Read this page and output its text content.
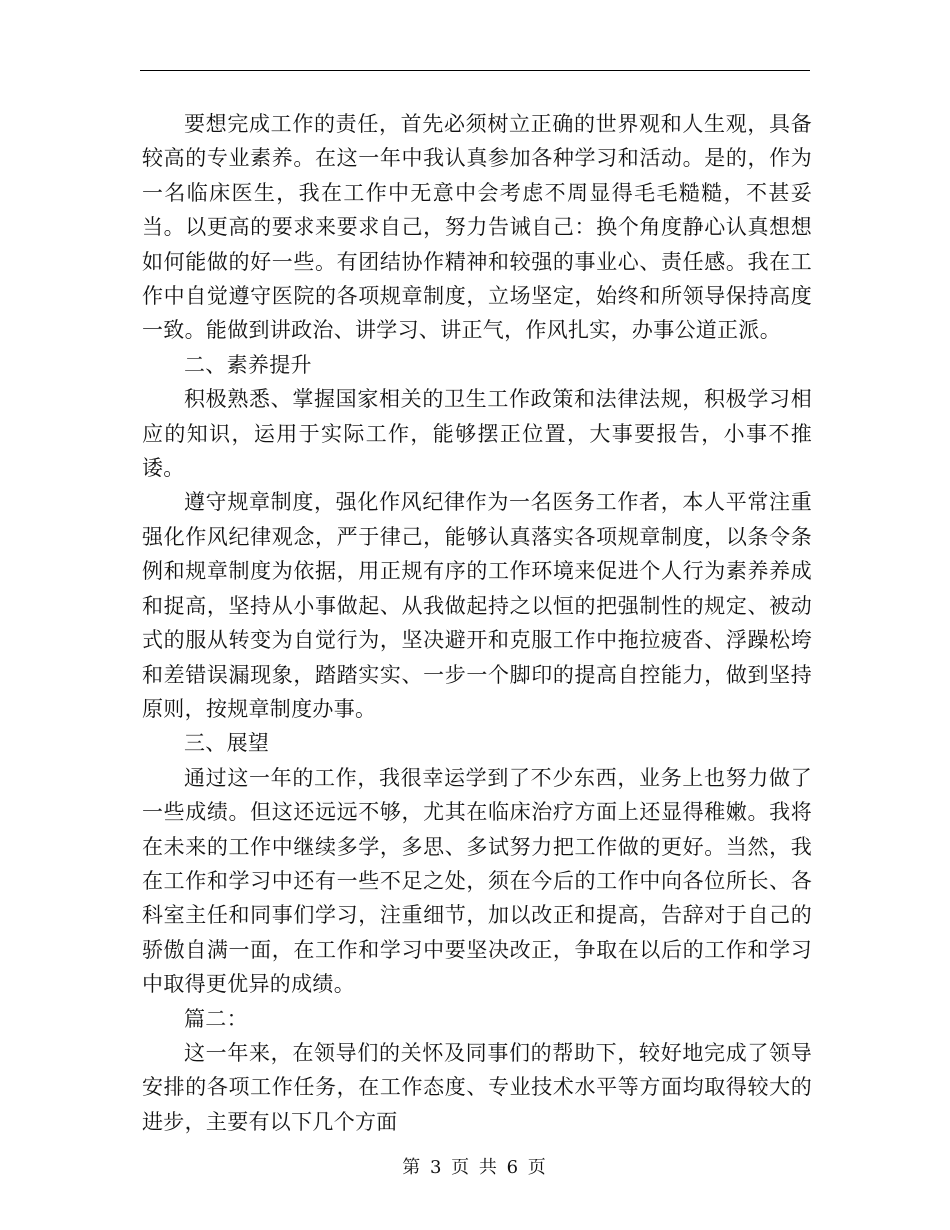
要想完成工作的责任，首先必须树立正确的世界观和人生观，具备较高的专业素养。在这一年中我认真参加各种学习和活动。是的，作为一名临床医生，我在工作中无意中会考虑不周显得毛毛糙糙，不甚妥当。以更高的要求来要求自己，努力告诫自己：换个角度静心认真想想如何能做的好一些。有团结协作精神和较强的事业心、责任感。我在工作中自觉遵守医院的各项规章制度，立场坚定，始终和所领导保持高度一致。能做到讲政治、讲学习、讲正气，作风扎实，办事公道正派。

二、素养提升

积极熟悉、掌握国家相关的卫生工作政策和法律法规，积极学习相应的知识，运用于实际工作，能够摆正位置，大事要报告，小事不推诿。

遵守规章制度，强化作风纪律作为一名医务工作者，本人平常注重强化作风纪律观念，严于律己，能够认真落实各项规章制度，以条令条例和规章制度为依据，用正规有序的工作环境来促进个人行为素养养成和捉高，坚持从小事做起、从我做起持之以恒的把强制性的规定、被动式的服从转变为自觉行为，坚决避开和克服工作中拖拉疲沓、浮躁松垮和差错误漏现象，踏踏实实、一步一个脚印的提高自控能力，做到坚持原则，按规章制度办事。

三、展望

通过这一年的工作，我很幸运学到了不少东西，业务上也努力做了一些成绩。但这还远远不够，尤其在临床治疗方面上还显得稚嫩。我将在未来的工作中继续多学，多思、多试努力把工作做的更好。当然，我在工作和学习中还有一些不足之处，须在今后的工作中向各位所长、各科室主任和同事们学习，注重细节，加以改正和提高，告辞对于自己的骄傲自满一面，在工作和学习中要坚决改正，争取在以后的工作和学习中取得更优异的成绩。

篇二：

这一年来，在领导们的关怀及同事们的帮助下，较好地完成了领导安排的各项工作任务，在工作态度、专业技术水平等方面均取得较大的进步，主要有以下几个方面

第 3 页 共 6 页
